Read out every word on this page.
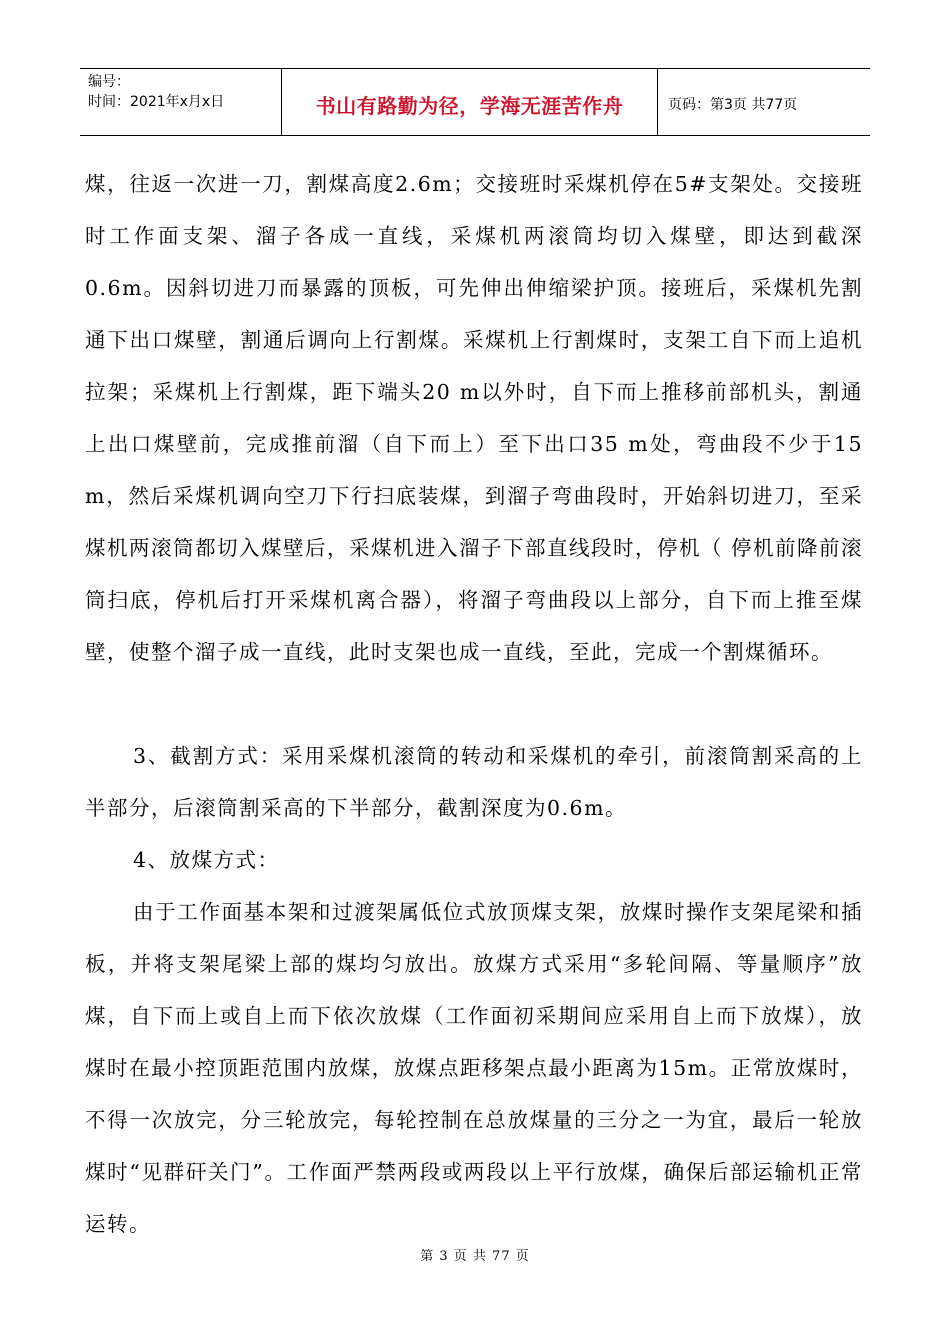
编号：
时间：2021年x月x日	书山有路勤为径，学海无涯苦作舟	页码：第3页 共77页

煤，往返一次进一刀，割煤高度2.6m；交接班时采煤机停在5#支架处。交接班时工作面支架、溜子各成一直线，采煤机两滚筒均切入煤壁，即达到截深0.6m。因斜切进刀而暴露的顶板，可先伸出伸缩梁护顶。接班后，采煤机先割通下出口煤壁，割通后调向上行割煤。采煤机上行割煤时，支架工自下而上追机拉架；采煤机上行割煤，距下端头20 m以外时，自下而上推移前部机头，割通上出口煤壁前，完成推前溜（自下而上）至下出口35 m处，弯曲段不少于15 m，然后采煤机调向空刀下行扫底装煤，到溜子弯曲段时，开始斜切进刀，至采煤机两滚筒都切入煤壁后，采煤机进入溜子下部直线段时，停机（ 停机前降前滚筒扫底，停机后打开采煤机离合器），将溜子弯曲段以上部分，自下而上推至煤壁，使整个溜子成一直线，此时支架也成一直线，至此，完成一个割煤循环。

3、截割方式：采用采煤机滚筒的转动和采煤机的牵引，前滚筒割采高的上半部分，后滚筒割采高的下半部分，截割深度为0.6m。

4、放煤方式：

由于工作面基本架和过渡架属低位式放顶煤支架，放煤时操作支架尾梁和插板，并将支架尾梁上部的煤均匀放出。放煤方式采用“多轮间隔、等量顺序”放煤，自下而上或自上而下依次放煤（工作面初采期间应采用自上而下放煤），放煤时在最小控顶距范围内放煤，放煤点距移架点最小距离为15m。正常放煤时，不得一次放完，分三轮放完，每轮控制在总放煤量的三分之一为宜，最后一轮放煤时“见群矸关门”。工作面严禁两段或两段以上平行放煤，确保后部运输机正常运转。

第 3 页 共 77 页
